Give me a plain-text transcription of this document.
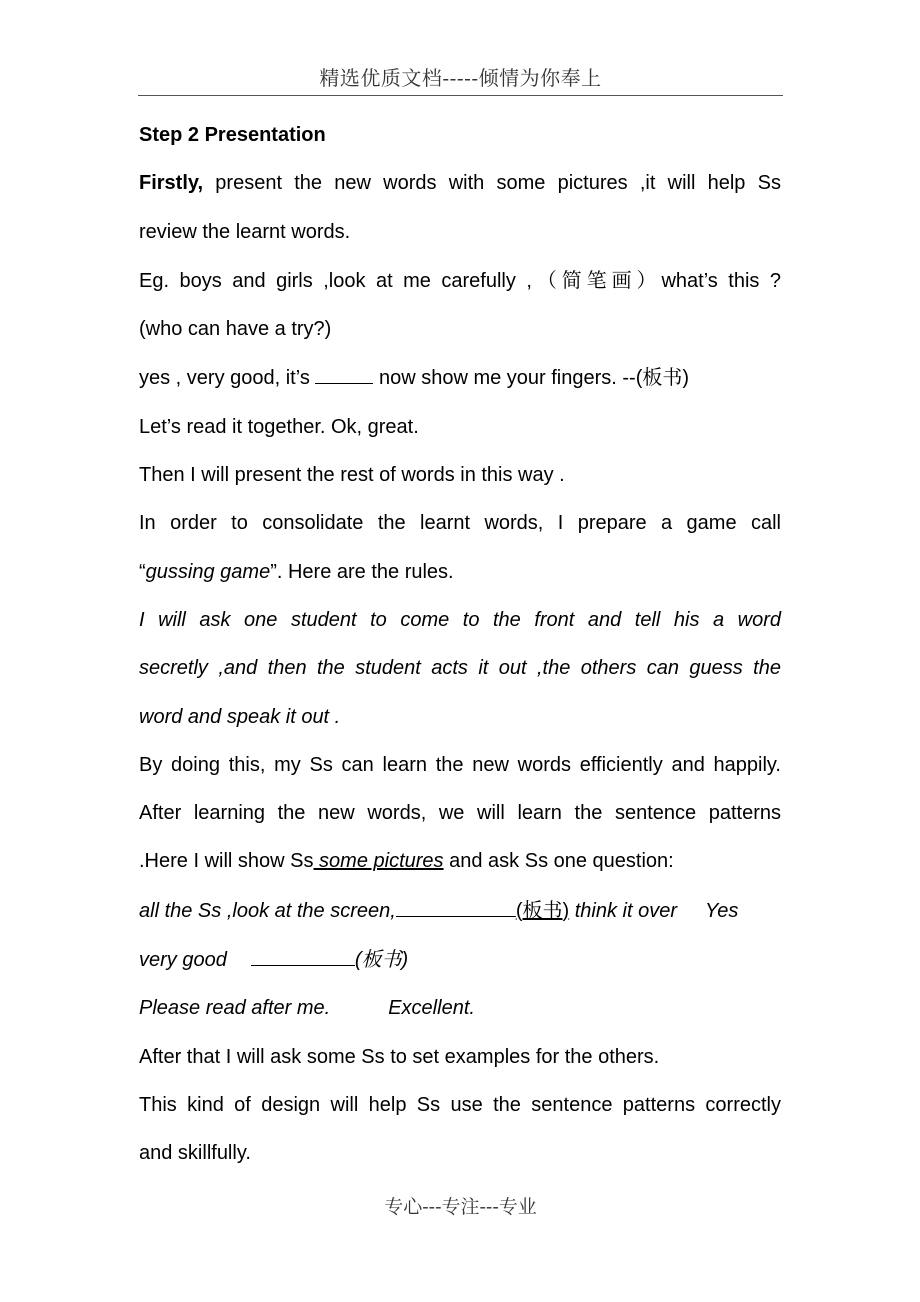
精选优质文档-----倾情为你奉上

Step 2 Presentation

Firstly, present the new words with some pictures ,it will help Ss

review the learnt words.

Eg. boys and girls ,look at me carefully ,（简笔画）what’s this ?

(who can have a try?)

yes , very good, it’s	now show me your fingers. --(板书)

Let’s read it together. Ok, great.

Then I will present the rest of words in this way .

In order to consolidate the learnt words, I prepare a game call

“gussing game”. Here are the rules.

I will ask one student to come to the front and tell his a word

secretly ,and then the student acts it out ,the others can guess the

word and speak it out .

By doing this, my Ss can learn the new words efficiently and happily.

After learning the new words, we will learn the sentence patterns

.Here I will show Ss some pictures and ask Ss one question:

all the Ss ,look at the screen,	(板书) think it over Yes

very good	(板书)

Please read after me.	Excellent.

After that I will ask some Ss to set examples for the others.

This kind of design will help Ss use the sentence patterns correctly

and skillfully.

专心---专注---专业
